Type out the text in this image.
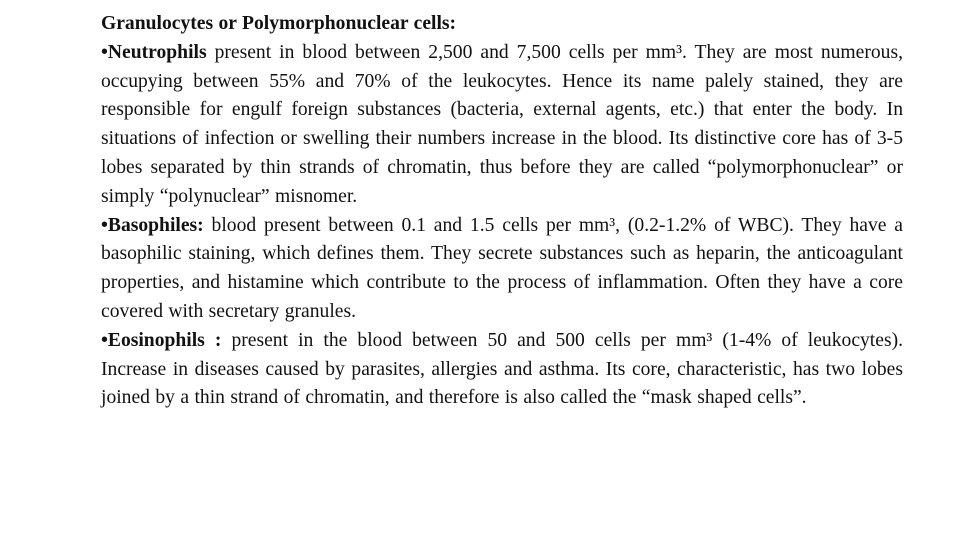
Granulocytes or Polymorphonuclear cells:

•Neutrophils present in blood between 2,500 and 7,500 cells per mm³. They are most numerous, occupying between 55% and 70% of the leukocytes. Hence its name palely stained, they are responsible for engulf foreign substances (bacteria, external agents, etc.) that enter the body. In situations of infection or swelling their numbers increase in the blood. Its distinctive core has of 3-5 lobes separated by thin strands of chromatin, thus before they are called “polymorphonuclear” or simply “polynuclear” misnomer.

•Basophiles: blood present between 0.1 and 1.5 cells per mm³, (0.2-1.2% of WBC). They have a basophilic staining, which defines them. They secrete substances such as heparin, the anticoagulant properties, and histamine which contribute to the process of inflammation. Often they have a core covered with secretary granules.

•Eosinophils : present in the blood between 50 and 500 cells per mm³ (1-4% of leukocytes). Increase in diseases caused by parasites, allergies and asthma. Its core, characteristic, has two lobes joined by a thin strand of chromatin, and therefore is also called the “mask shaped cells”.
